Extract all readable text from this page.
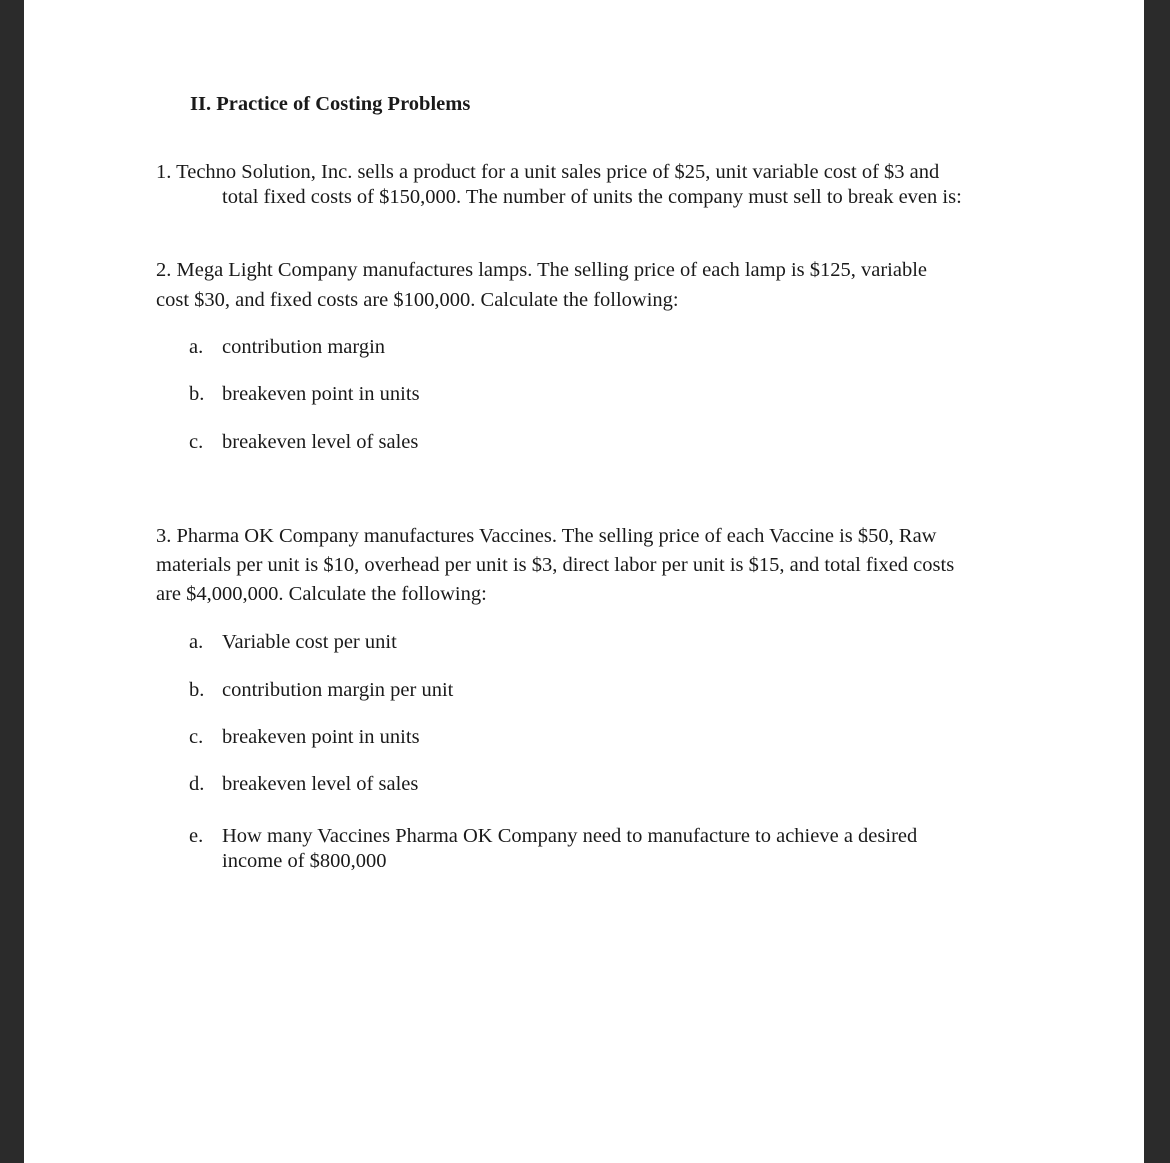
II. Practice of Costing Problems
1. Techno Solution, Inc. sells a product for a unit sales price of $25, unit variable cost of $3 and
total fixed costs of $150,000. The number of units the company must sell to break even is:
2. Mega Light Company manufactures lamps. The selling price of each lamp is $125, variable
cost $30, and fixed costs are $100,000. Calculate the following:
a. contribution margin
b. breakeven point in units
c. breakeven level of sales
3. Pharma OK Company manufactures Vaccines. The selling price of each Vaccine is $50, Raw
materials per unit is $10, overhead per unit is $3, direct labor per unit is $15, and total fixed costs
are $4,000,000. Calculate the following:
a. Variable cost per unit
b. contribution margin per unit
c. breakeven point in units
d. breakeven level of sales
e. How many Vaccines Pharma OK Company need to manufacture to achieve a desired
income of $800,000
